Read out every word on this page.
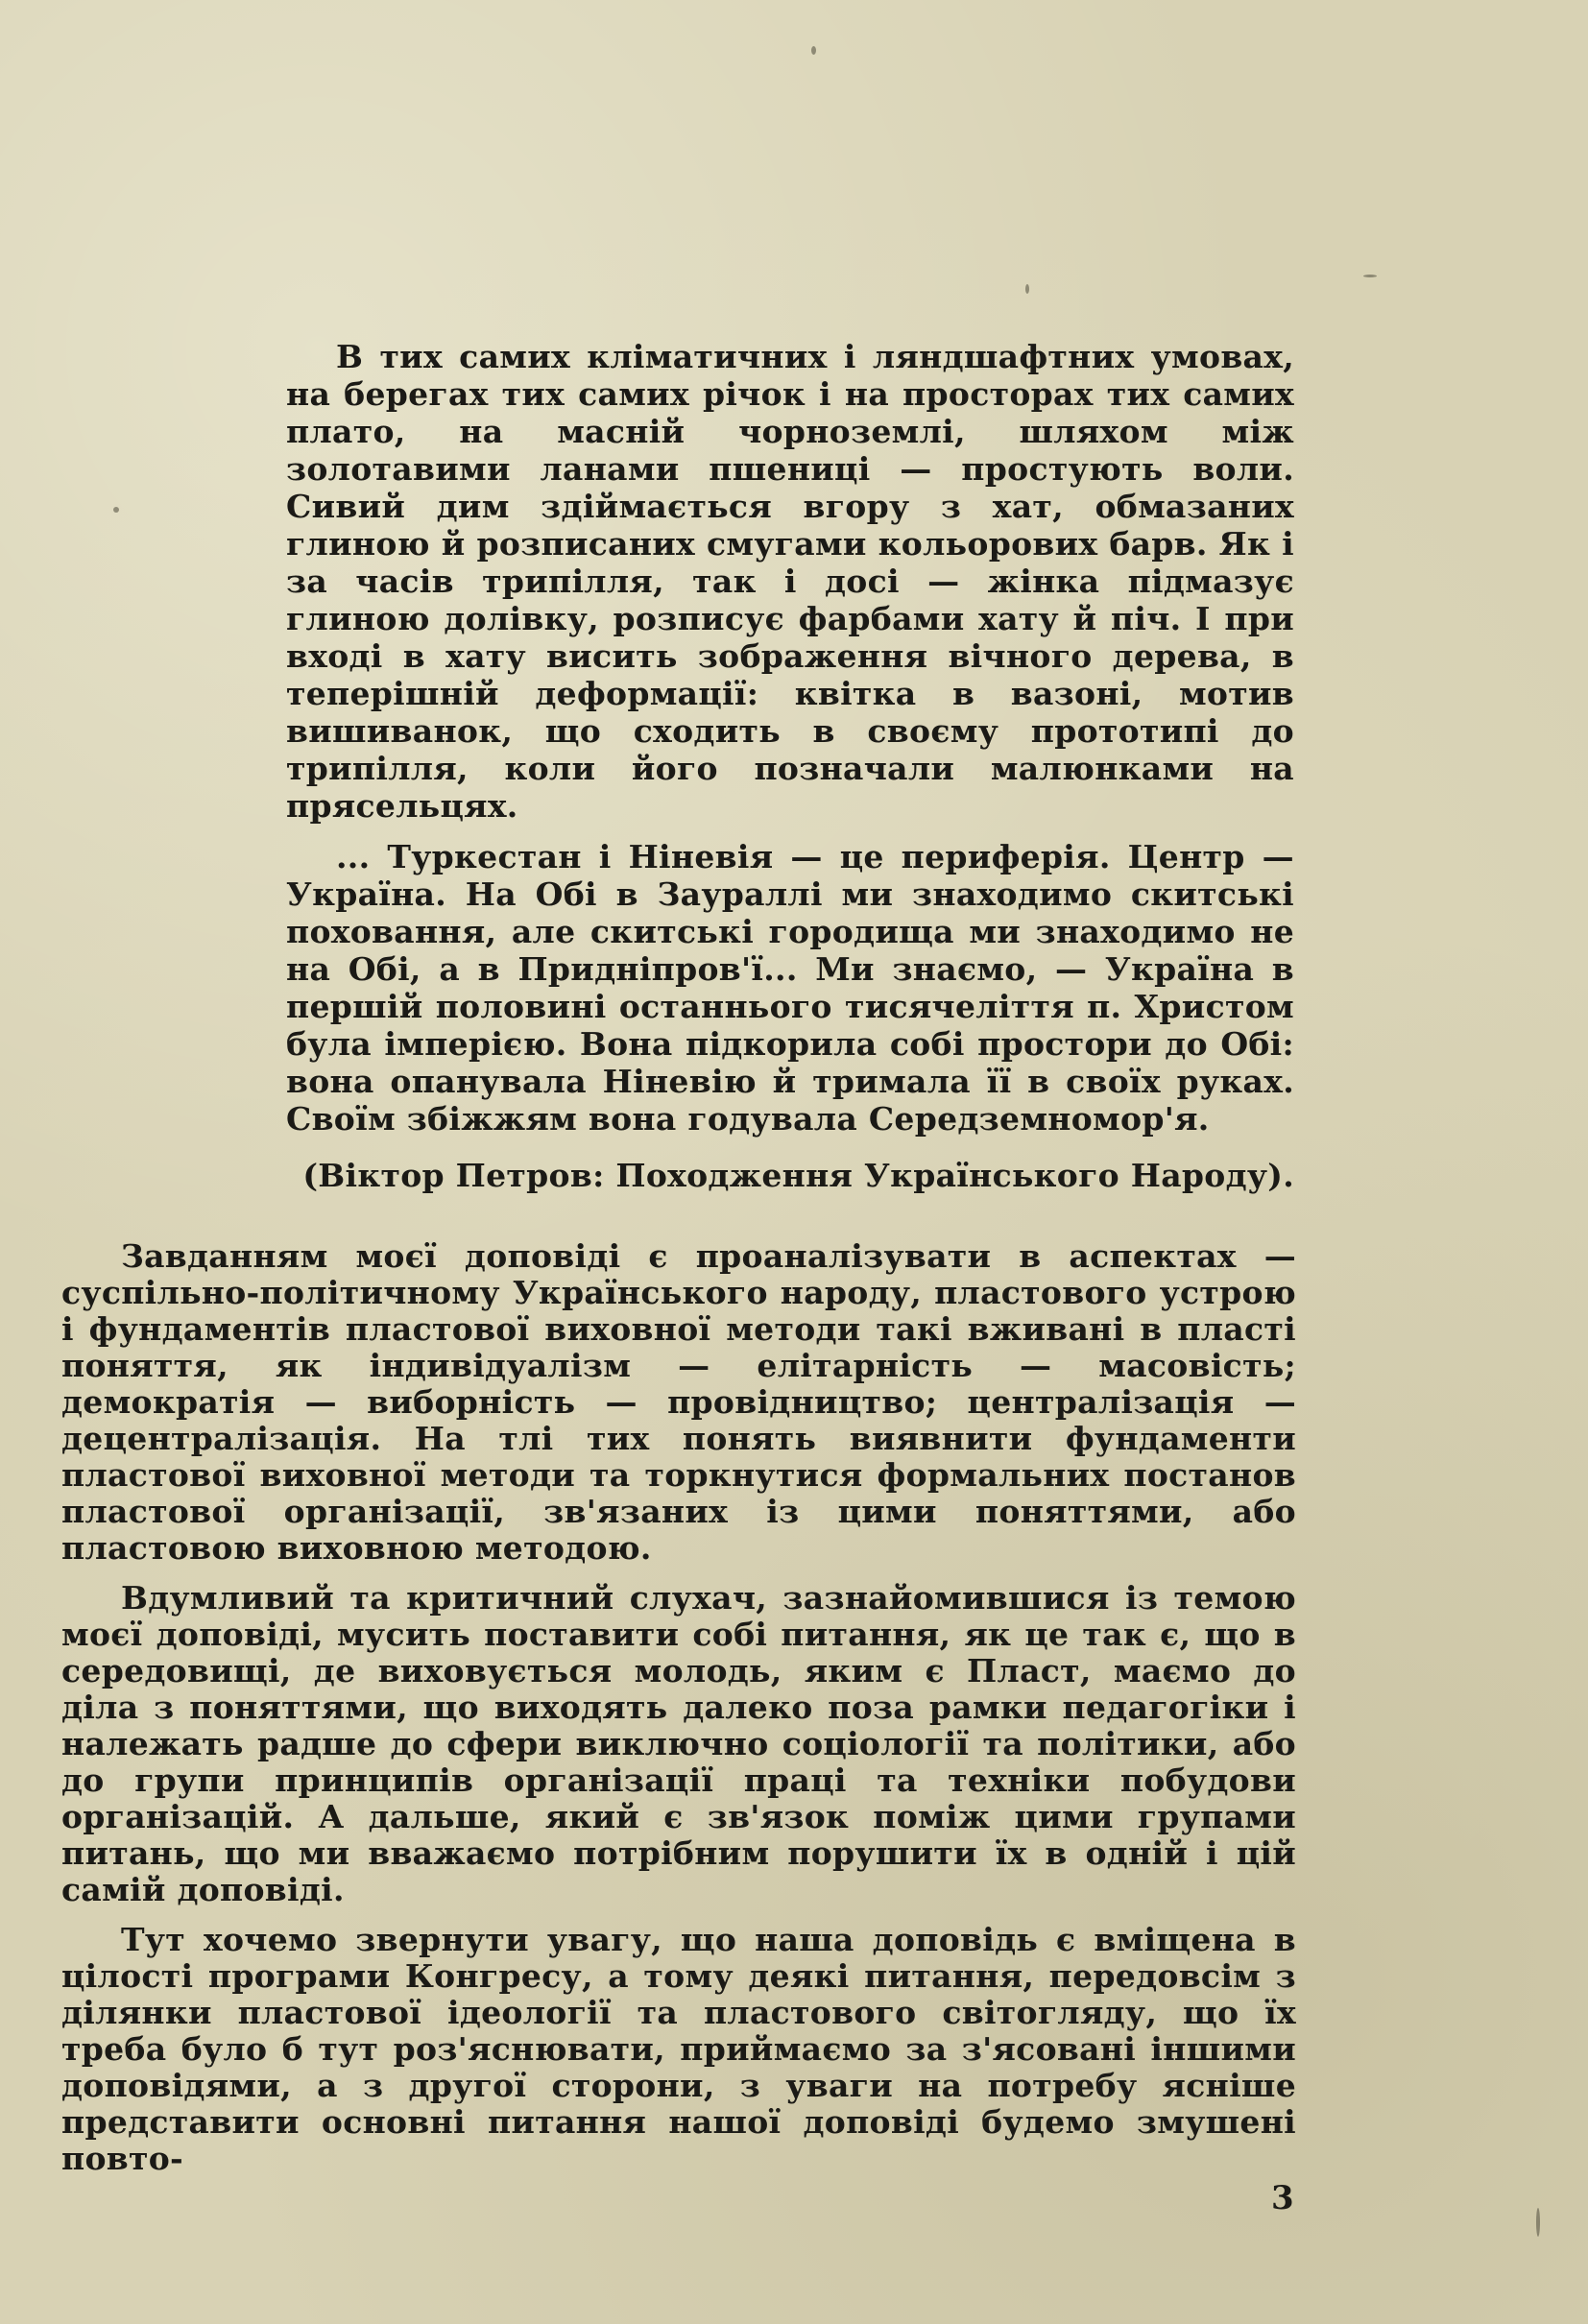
В тих самих кліматичних і ляндшафтних умовах, на берегах тих самих річок і на просторах тих самих плато, на масній чорноземлі, шляхом між золотавими ланами пшениці — простують воли. Сивий дим здіймається вгору з хат, обмазаних глиною й розписаних смугами кольорових барв. Як і за часів трипілля, так і досі — жінка підмазує глиною долівку, розписує фарбами хату й піч. І при вході в хату висить зображення вічного дерева, в теперішній деформації: квітка в вазоні, мотив вишиванок, що сходить в своєму прототипі до трипілля, коли його позначали малюнками на прясельцях.

... Туркестан і Ніневія — це периферія. Центр — Україна. На Обі в Заураллі ми знаходимо скитські поховання, але скитські городища ми знаходимо не на Обі, а в Придніпров'ї... Ми знаємо, — Україна в першій половині останнього тисячеліття п. Христом була імперією. Вона підкорила собі простори до Обі: вона опанувала Ніневію й тримала її в своїх руках. Своїм збіжжям вона годувала Середземномор'я.

(Віктор Петров: Походження Українського Народу).

Завданням моєї доповіді є проаналізувати в аспектах — суспільно-політичному Українського народу, пластового устрою і фундаментів пластової виховної методи такі вживані в пласті поняття, як індивідуалізм — елітарність — масовість; демократія — виборність — провідництво; централізація — децентралізація. На тлі тих понять виявнити фундаменти пластової виховної методи та торкнутися формальних постанов пластової організації, зв'язаних із цими поняттями, або пластовою виховною методою.

Вдумливий та критичний слухач, зазнайомившися із темою моєї доповіді, мусить поставити собі питання, як це так є, що в середовищі, де виховується молодь, яким є Пласт, маємо до діла з поняттями, що виходять далеко поза рамки педагогіки і належать радше до сфери виключно соціології та політики, або до групи принципів організації праці та техніки побудови організацій. А дальше, який є зв'язок поміж цими групами питань, що ми вважаємо потрібним порушити їх в одній і цій самій доповіді.

Тут хочемо звернути увагу, що наша доповідь є вміщена в цілості програми Конгресу, а тому деякі питання, передовсім з ділянки пластової ідеології та пластового світогляду, що їх треба було б тут роз'яснювати, приймаємо за з'ясовані іншими доповідями, а з другої сторони, з уваги на потребу ясніше представити основні питання нашої доповіді будемо змушені повто-

3
